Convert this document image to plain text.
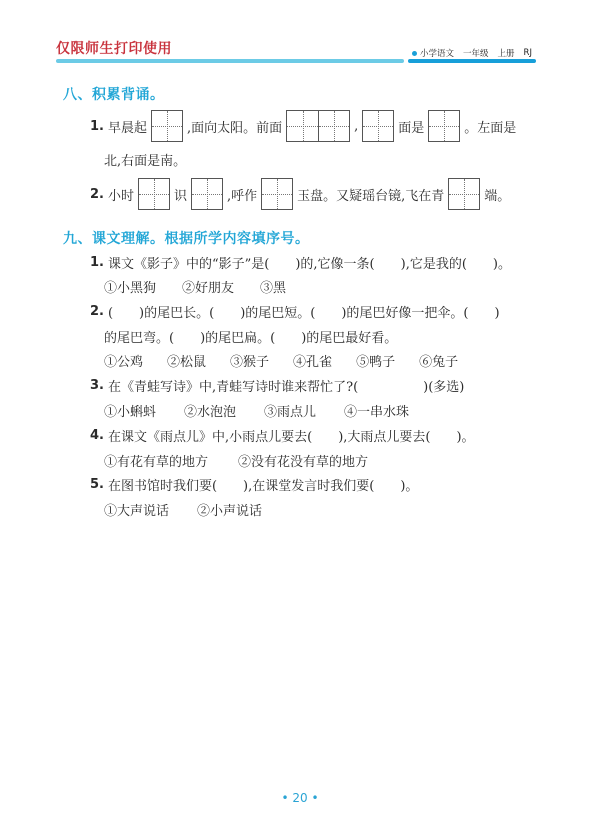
仅限师生打印使用	小学语文 一年级 上册 RJ
八、积累背诵。
1. 早晨起	,面向太阳。前面	,	面是	。左面是
北,右面是南。
2. 小时	识	,呼作	玉盘。又疑瑶台镜,飞在青	端。
九、课文理解。根据所学内容填序号。
1. 课文《影子》中的“影子”是(　　)的,它像一条(　　),它是我的(　　)。
①小黑狗 ②好朋友 ③黑
2. (　　)的尾巴长。(　　)的尾巴短。(　　)的尾巴好像一把伞。(　　)
的尾巴弯。(　　)的尾巴扁。(　　)的尾巴最好看。
①公鸡 ②松鼠 ③猴子 ④孔雀 ⑤鸭子 ⑥兔子
3. 在《青蛙写诗》中,青蛙写诗时谁来帮忙了?(　　　　　)(多选)
①小蝌蚪 ②水泡泡 ③雨点儿 ④一串水珠
4. 在课文《雨点儿》中,小雨点儿要去(　　),大雨点儿要去(　　)。
①有花有草的地方 ②没有花没有草的地方
5. 在图书馆时我们要(　　),在课堂发言时我们要(　　)。
①大声说话 ②小声说话
• 20 •
